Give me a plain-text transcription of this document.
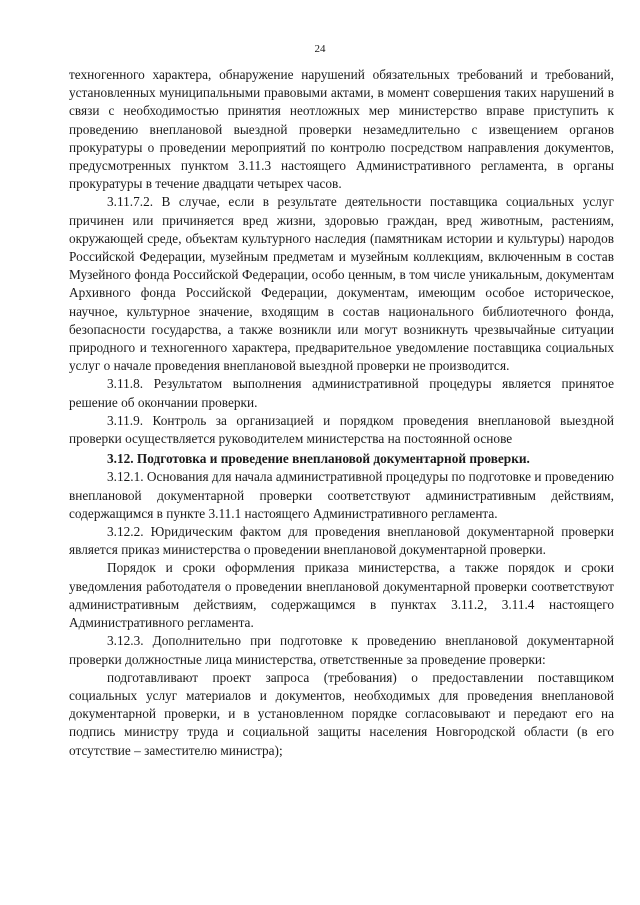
24

техногенного характера, обнаружение нарушений обязательных требований и требований, установленных муниципальными правовыми актами, в момент совершения таких нарушений в связи с необходимостью принятия неотложных мер министерство вправе приступить к проведению внеплановой выездной проверки незамедлительно с извещением органов прокуратуры о проведении мероприятий по контролю посредством направления документов, предусмотренных пунктом 3.11.3 настоящего Административного регламента, в органы прокуратуры в течение двадцати четырех часов.

3.11.7.2. В случае, если в результате деятельности поставщика социальных услуг причинен или причиняется вред жизни, здоровью граждан, вред животным, растениям, окружающей среде, объектам культурного наследия (памятникам истории и культуры) народов Российской Федерации, музейным предметам и музейным коллекциям, включенным в состав Музейного фонда Российской Федерации, особо ценным, в том числе уникальным, документам Архивного фонда Российской Федерации, документам, имеющим особое историческое, научное, культурное значение, входящим в состав национального библиотечного фонда, безопасности государства, а также возникли или могут возникнуть чрезвычайные ситуации природного и техногенного характера, предварительное уведомление поставщика социальных услуг о начале проведения внеплановой выездной проверки не производится.

3.11.8. Результатом выполнения административной процедуры является принятое решение об окончании проверки.

3.11.9. Контроль за организацией и порядком проведения внеплановой выездной проверки осуществляется руководителем министерства на постоянной основе

3.12. Подготовка и проведение внеплановой документарной проверки.

3.12.1. Основания для начала административной процедуры по подготовке и проведению внеплановой документарной проверки соответствуют административным действиям, содержащимся в пункте 3.11.1 настоящего Административного регламента.

3.12.2. Юридическим фактом для проведения внеплановой документарной проверки является приказ министерства о проведении внеплановой документарной проверки.

Порядок и сроки оформления приказа министерства, а также порядок и сроки уведомления работодателя о проведении внеплановой документарной проверки соответствуют административным действиям, содержащимся в пунктах 3.11.2, 3.11.4 настоящего Административного регламента.

3.12.3. Дополнительно при подготовке к проведению внеплановой документарной проверки должностные лица министерства, ответственные за проведение проверки:

подготавливают проект запроса (требования) о предоставлении поставщиком социальных услуг материалов и документов, необходимых для проведения внеплановой документарной проверки, и в установленном порядке согласовывают и передают его на подпись министру труда и социальной защиты населения Новгородской области (в его отсутствие – заместителю министра);
